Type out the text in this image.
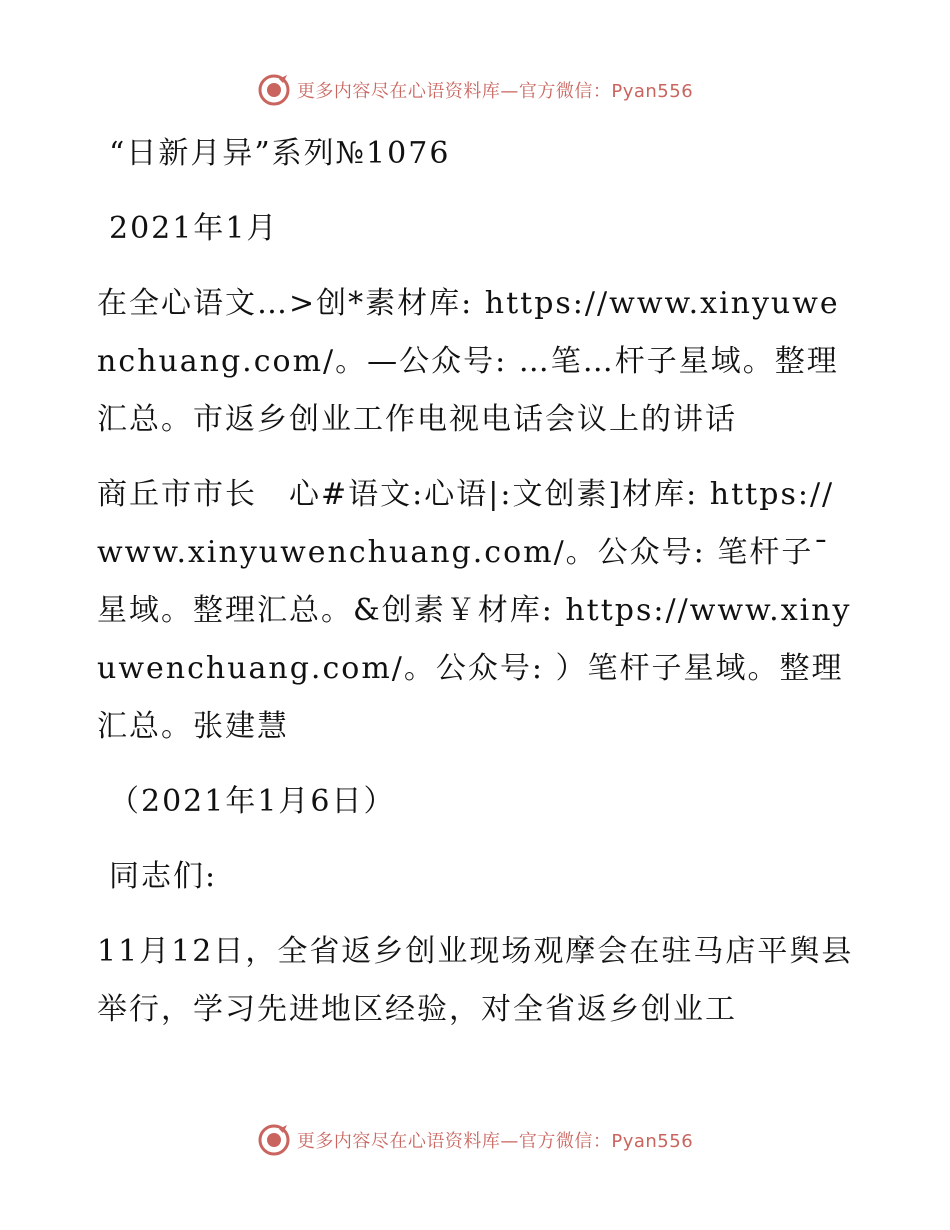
更多内容尽在心语资料库—官方微信：Pyan556

“日新月异”系列№1076

2021年1月

在全心语文…>创*素材库: https://www.xinyuwenchuang.com/。—公众号: …笔…杆子星域。整理汇总。市返乡创业工作电视电话会议上的讲话

商丘市市长　心#语文:心语|:文创素]材库: https://www.xinyuwenchuang.com/。公众号: 笔杆子¯星域。整理汇总。&创素￥材库: https://www.xinyuwenchuang.com/。公众号: ）笔杆子星域。整理汇总。张建慧

（2021年1月6日）

同志们:

11月12日，全省返乡创业现场观摩会在驻马店平舆县举行，学习先进地区经验，对全省返乡创业工

更多内容尽在心语资料库—官方微信：Pyan556
